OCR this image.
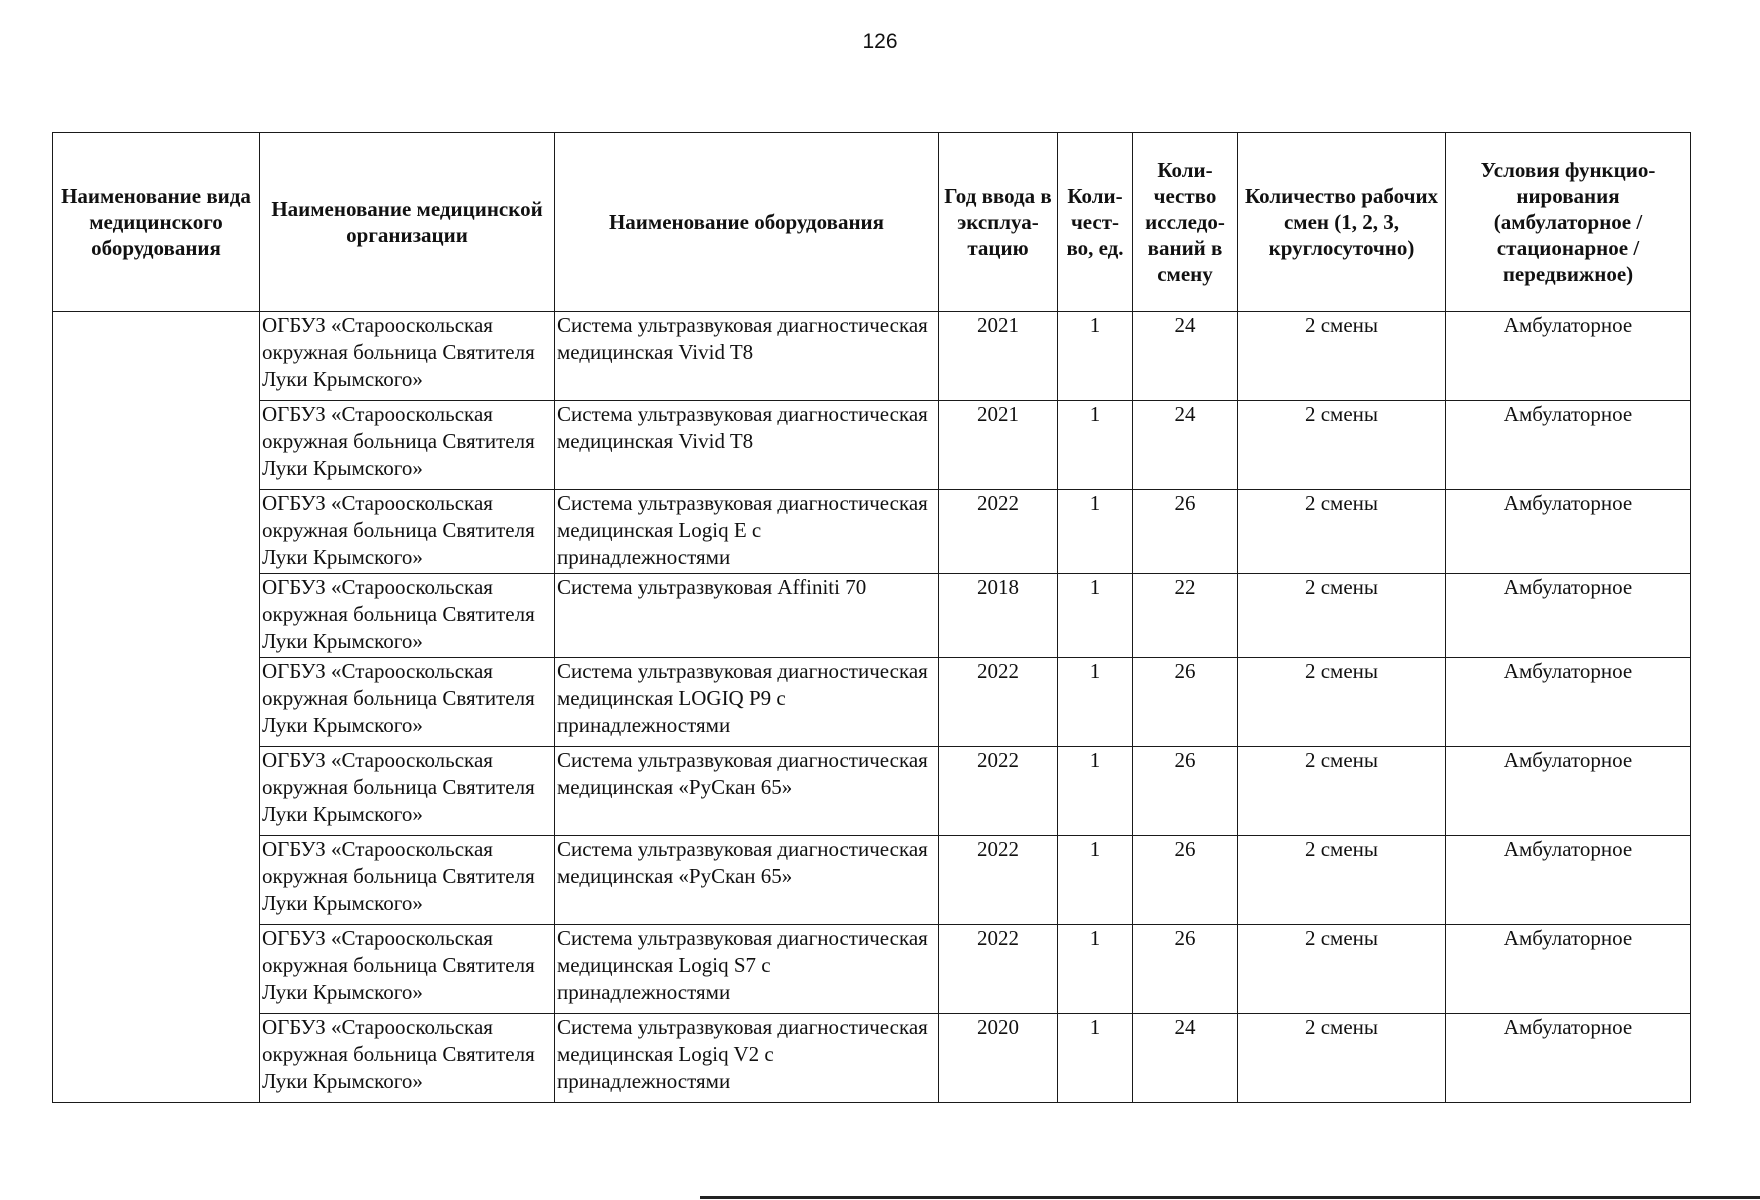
126
Наименование вида медицинского оборудования	Наименование медицинской организации	Наименование оборудования	Год ввода в эксплуа-тацию	Коли-чест-во, ед.	Коли-чество исследо-ваний в смену	Количество рабочих смен (1, 2, 3, круглосуточно)	Условия функцио-нирования (амбулаторное / стационарное / передвижное)
	ОГБУЗ «Старооскольская окружная больница Святителя Луки Крымского»	Система ультразвуковая диагностическая медицинская Vivid T8	2021	1	24	2 смены	Амбулаторное
	ОГБУЗ «Старооскольская окружная больница Святителя Луки Крымского»	Система ультразвуковая диагностическая медицинская Vivid T8	2021	1	24	2 смены	Амбулаторное
	ОГБУЗ «Старооскольская окружная больница Святителя Луки Крымского»	Система ультразвуковая диагностическая медицинская Logiq E с принадлежностями	2022	1	26	2 смены	Амбулаторное
	ОГБУЗ «Старооскольская окружная больница Святителя Луки Крымского»	Система ультразвуковая Affiniti 70	2018	1	22	2 смены	Амбулаторное
	ОГБУЗ «Старооскольская окружная больница Святителя Луки Крымского»	Система ультразвуковая диагностическая медицинская LOGIQ P9 с принадлежностями	2022	1	26	2 смены	Амбулаторное
	ОГБУЗ «Старооскольская окружная больница Святителя Луки Крымского»	Система ультразвуковая диагностическая медицинская «РуСкан 65»	2022	1	26	2 смены	Амбулаторное
	ОГБУЗ «Старооскольская окружная больница Святителя Луки Крымского»	Система ультразвуковая диагностическая медицинская «РуСкан 65»	2022	1	26	2 смены	Амбулаторное
	ОГБУЗ «Старооскольская окружная больница Святителя Луки Крымского»	Система ультразвуковая диагностическая медицинская Logiq S7 с принадлежностями	2022	1	26	2 смены	Амбулаторное
	ОГБУЗ «Старооскольская окружная больница Святителя Луки Крымского»	Система ультразвуковая диагностическая медицинская Logiq V2 с принадлежностями	2020	1	24	2 смены	Амбулаторное
